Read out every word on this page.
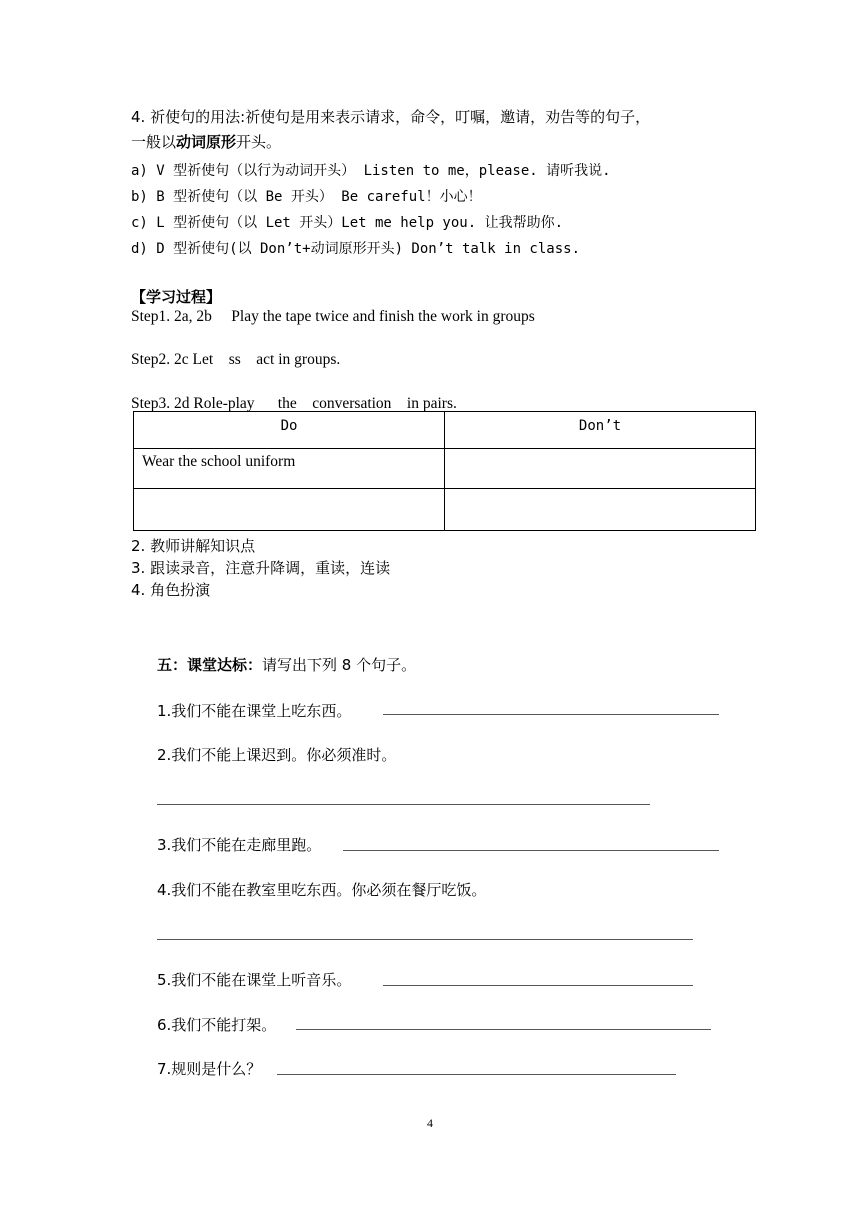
4. 祈使句的用法:祈使句是用来表示请求，命令，叮嘱，邀请，劝告等的句子，
一般以动词原形开头。
a) V 型祈使句（以行为动词开头） Listen to me，please. 请听我说.
b) B 型祈使句（以 Be 开头） Be careful！小心！
c) L 型祈使句（以 Let 开头）Let me help you. 让我帮助你.
d) D 型祈使句(以 Don’t+动词原形开头) Don’t talk in class.
【学习过程】
Step1. 2a, 2b     Play the tape twice and finish the work in groups
Step2. 2c Let    ss    act in groups.
Step3. 2d Role-play      the    conversation    in pairs.
Do	Don’t
Wear the school uniform	

2. 教师讲解知识点
3. 跟读录音，注意升降调，重读，连读
4. 角色扮演
五：课堂达标：请写出下列 8 个句子。
1.我们不能在课堂上吃东西。
2.我们不能上课迟到。你必须准时。
3.我们不能在走廊里跑。
4.我们不能在教室里吃东西。你必须在餐厅吃饭。
5.我们不能在课堂上听音乐。
6.我们不能打架。
7.规则是什么？
4
